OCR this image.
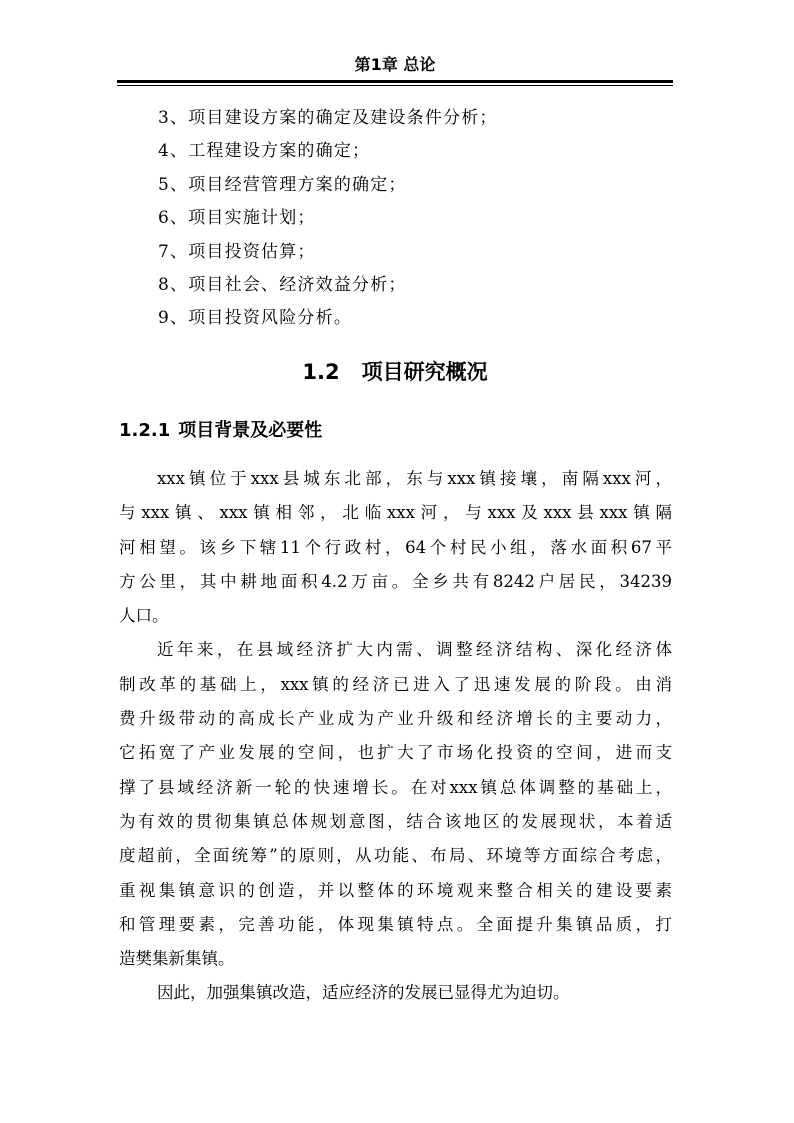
第1章 总论
3、项目建设方案的确定及建设条件分析；
4、工程建设方案的确定；
5、项目经营管理方案的确定；
6、项目实施计划；
7、项目投资估算；
8、项目社会、经济效益分析；
9、项目投资风险分析。
1.2 项目研究概况
1.2.1 项目背景及必要性
xxx镇位于xxx县城东北部，东与xxx镇接壤，南隔xxx河，
与xxx镇、xxx镇相邻，北临xxx河，与xxx及xxx县xxx镇隔
河相望。该乡下辖11个行政村，64个村民小组，落水面积67平
方公里，其中耕地面积4.2万亩。全乡共有8242户居民，34239
人口。
近年来，在县域经济扩大内需、调整经济结构、深化经济体
制改革的基础上，xxx镇的经济已进入了迅速发展的阶段。由消
费升级带动的高成长产业成为产业升级和经济增长的主要动力，
它拓宽了产业发展的空间，也扩大了市场化投资的空间，进而支
撑了县域经济新一轮的快速增长。在对xxx镇总体调整的基础上，
为有效的贯彻集镇总体规划意图，结合该地区的发展现状，本着适
度超前，全面统筹”的原则，从功能、布局、环境等方面综合考虑，
重视集镇意识的创造，并以整体的环境观来整合相关的建设要素
和管理要素，完善功能，体现集镇特点。全面提升集镇品质，打
造樊集新集镇。
因此，加强集镇改造，适应经济的发展已显得尤为迫切。
